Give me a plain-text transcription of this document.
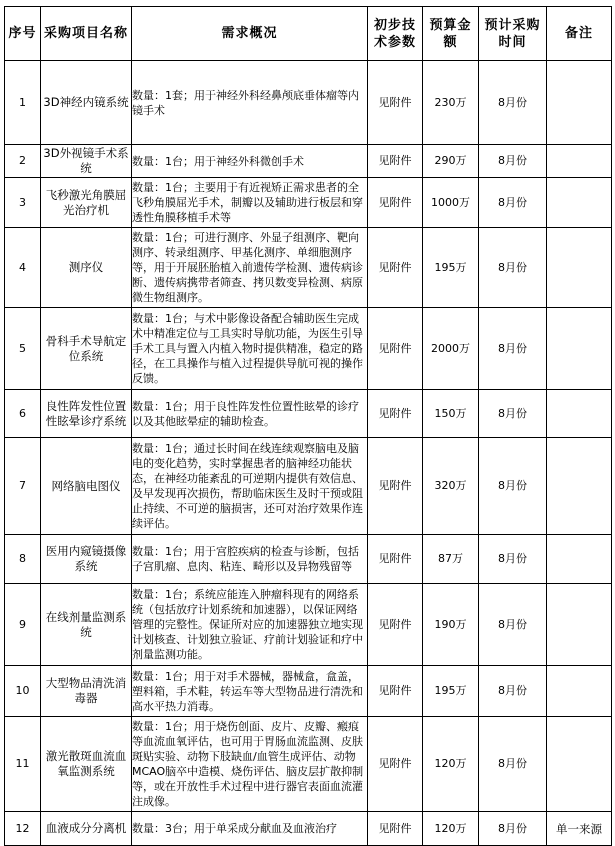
序号	采购项目名称	需求概况	初步技术参数	预算金额	预计采购时间	备注
1	3D神经内镜系统	数量：1套；用于神经外科经鼻颅底垂体瘤等内镜手术	见附件	230万	8月份	
2	3D外视镜手术系统	数量：1台；用于神经外科微创手术	见附件	290万	8月份	
3	飞秒激光角膜屈光治疗机	数量：1台；主要用于有近视矫正需求患者的全飞秒角膜屈光手术，制瓣以及辅助进行板层和穿透性角膜移植手术等	见附件	1000万	8月份	
4	测序仪	数量：1台；可进行测序、外显子组测序、靶向测序、转录组测序、甲基化测序、单细胞测序等，用于开展胚胎植入前遗传学检测、遗传病诊断、遗传病携带者筛查、拷贝数变异检测、病原微生物组测序。	见附件	195万	8月份	
5	骨科手术导航定位系统	数量：1台；与术中影像设备配合辅助医生完成术中精准定位与工具实时导航功能，为医生引导手术工具与置入内植入物时提供精准，稳定的路径，在工具操作与植入过程提供导航可视的操作反馈。	见附件	2000万	8月份	
6	良性阵发性位置性眩晕诊疗系统	数量：1台；用于良性阵发性位置性眩晕的诊疗以及其他眩晕症的辅助检查。	见附件	150万	8月份	
7	网络脑电图仪	数量：1台；通过长时间在线连续观察脑电及脑电的变化趋势，实时掌握患者的脑神经功能状态，在神经功能紊乱的可逆期内提供有效信息、及早发现再次损伤，帮助临床医生及时干预或阻止持续、不可逆的脑损害，还可对治疗效果作连续评估。	见附件	320万	8月份	
8	医用内窥镜摄像系统	数量：1台；用于宫腔疾病的检查与诊断，包括子宫肌瘤、息肉、粘连、畸形以及异物残留等	见附件	87万	8月份	
9	在线剂量监测系统	数量：1台；系统应能连入肿瘤科现有的网络系统（包括放疗计划系统和加速器），以保证网络管理的完整性。保证所对应的加速器独立地实现计划核查、计划独立验证、疗前计划验证和疗中剂量监测功能。	见附件	190万	8月份	
10	大型物品清洗消毒器	数量：1台；用于对手术器械，器械盒，盒盖，塑料箱，手术鞋，转运车等大型物品进行清洗和高水平热力消毒。	见附件	195万	8月份	
11	激光散斑血流血氧监测系统	数量：1台；用于烧伤创面、皮片、皮瓣、瘢痕等血流血氧评估，也可用于胃肠血流监测、皮肤斑贴实验、动物下肢缺血/血管生成评估、动物MCAO脑卒中造模、烧伤评估、脑皮层扩散抑制等，或在开放性手术过程中进行器官表面血流灌注成像。	见附件	120万	8月份	
12	血液成分分离机	数量：3台；用于单采成分献血及血液治疗	见附件	120万	8月份	单一来源
